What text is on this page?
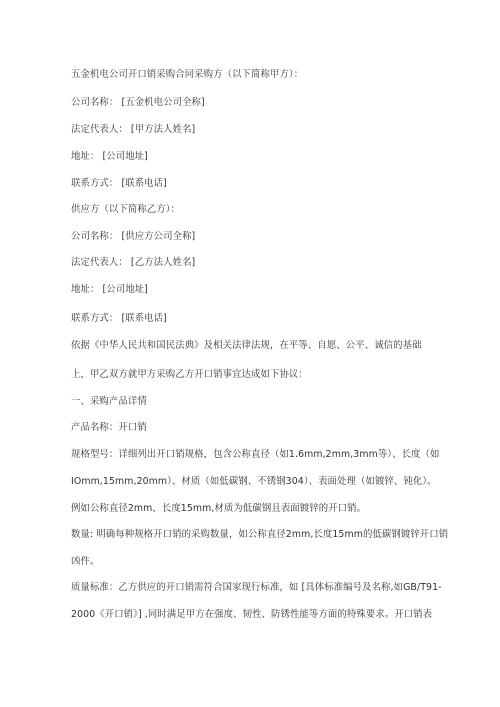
五金机电公司开口销采购合同采购方（以下简称甲方）：
公司名称： [五金机电公司全称]
法定代表人： [甲方法人姓名]
地址： [公司地址]
联系方式： [联系电话]
供应方（以下简称乙方）：
公司名称： [供应方公司全称]
法定代表人： [乙方法人姓名]
地址： [公司地址]
联系方式： [联系电话]
依据《中华人民共和国民法典》及相关法律法规，在平等、自愿、公平、诚信的基础
上，甲乙双方就甲方采购乙方开口销事宜达成如下协议：
一、采购产品详情
产品名称：开口销
规格型号：详细列出开口销规格，包含公称直径（如1.6mm,2mm,3mm等）、长度（如
IOmm,15mm,20mm）、材质（如低碳钢、不锈钢304）、表面处理（如镀锌、钝化）。
例如公称直径2mm、长度15mm,材质为低碳钢且表面镀锌的开口销。
数量: 明确每种规格开口销的采购数量，如公称直径2mm,长度15mm的低碳钢镀锌开口销
凶件。
质量标准：乙方供应的开口销需符合国家现行标准，如 [具体标准编号及名称,如GB/T91-
2000《开口销》] ,同时满足甲方在强度、韧性、防锈性能等方面的特殊要求。开口销表
